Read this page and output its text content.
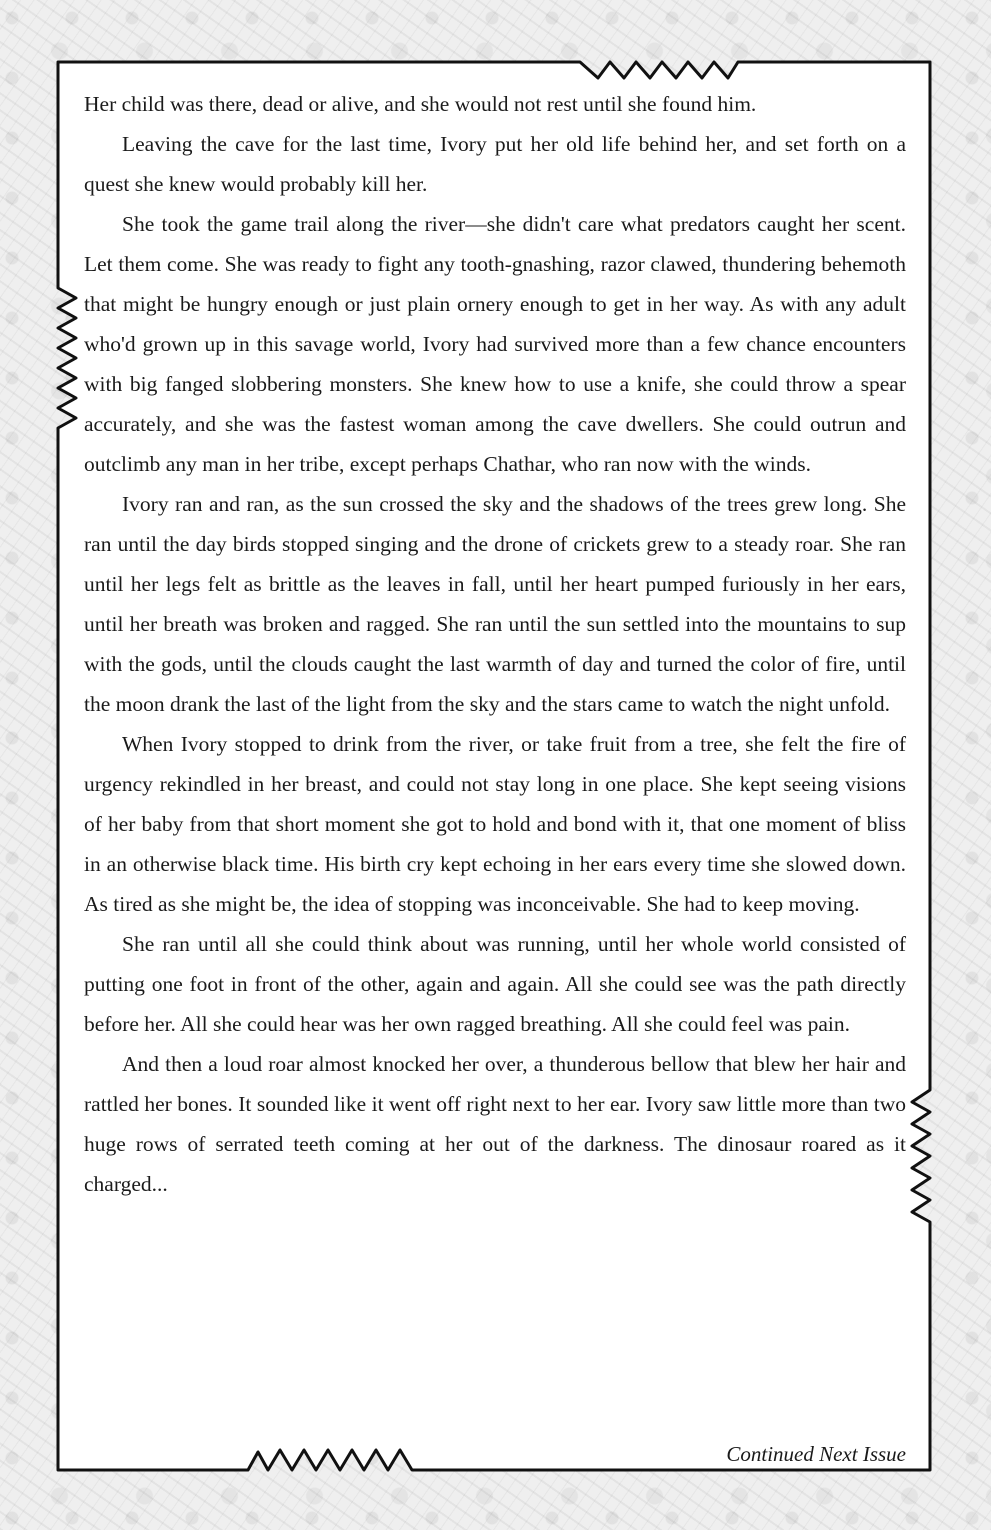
Her child was there, dead or alive, and she would not rest until she found him.

Leaving the cave for the last time, Ivory put her old life behind her, and set forth on a quest she knew would probably kill her.

She took the game trail along the river—she didn't care what predators caught her scent. Let them come. She was ready to fight any tooth-gnashing, razor clawed, thundering behemoth that might be hungry enough or just plain ornery enough to get in her way. As with any adult who'd grown up in this savage world, Ivory had survived more than a few chance encounters with big fanged slobbering monsters. She knew how to use a knife, she could throw a spear accurately, and she was the fastest woman among the cave dwellers. She could outrun and outclimb any man in her tribe, except perhaps Chathar, who ran now with the winds.

Ivory ran and ran, as the sun crossed the sky and the shadows of the trees grew long. She ran until the day birds stopped singing and the drone of crickets grew to a steady roar. She ran until her legs felt as brittle as the leaves in fall, until her heart pumped furiously in her ears, until her breath was broken and ragged. She ran until the sun settled into the mountains to sup with the gods, until the clouds caught the last warmth of day and turned the color of fire, until the moon drank the last of the light from the sky and the stars came to watch the night unfold.

When Ivory stopped to drink from the river, or take fruit from a tree, she felt the fire of urgency rekindled in her breast, and could not stay long in one place. She kept seeing visions of her baby from that short moment she got to hold and bond with it, that one moment of bliss in an otherwise black time. His birth cry kept echoing in her ears every time she slowed down. As tired as she might be, the idea of stopping was inconceivable. She had to keep moving.

She ran until all she could think about was running, until her whole world consisted of putting one foot in front of the other, again and again. All she could see was the path directly before her. All she could hear was her own ragged breathing. All she could feel was pain.

And then a loud roar almost knocked her over, a thunderous bellow that blew her hair and rattled her bones. It sounded like it went off right next to her ear. Ivory saw little more than two huge rows of serrated teeth coming at her out of the darkness. The dinosaur roared as it charged...

Continued Next Issue
